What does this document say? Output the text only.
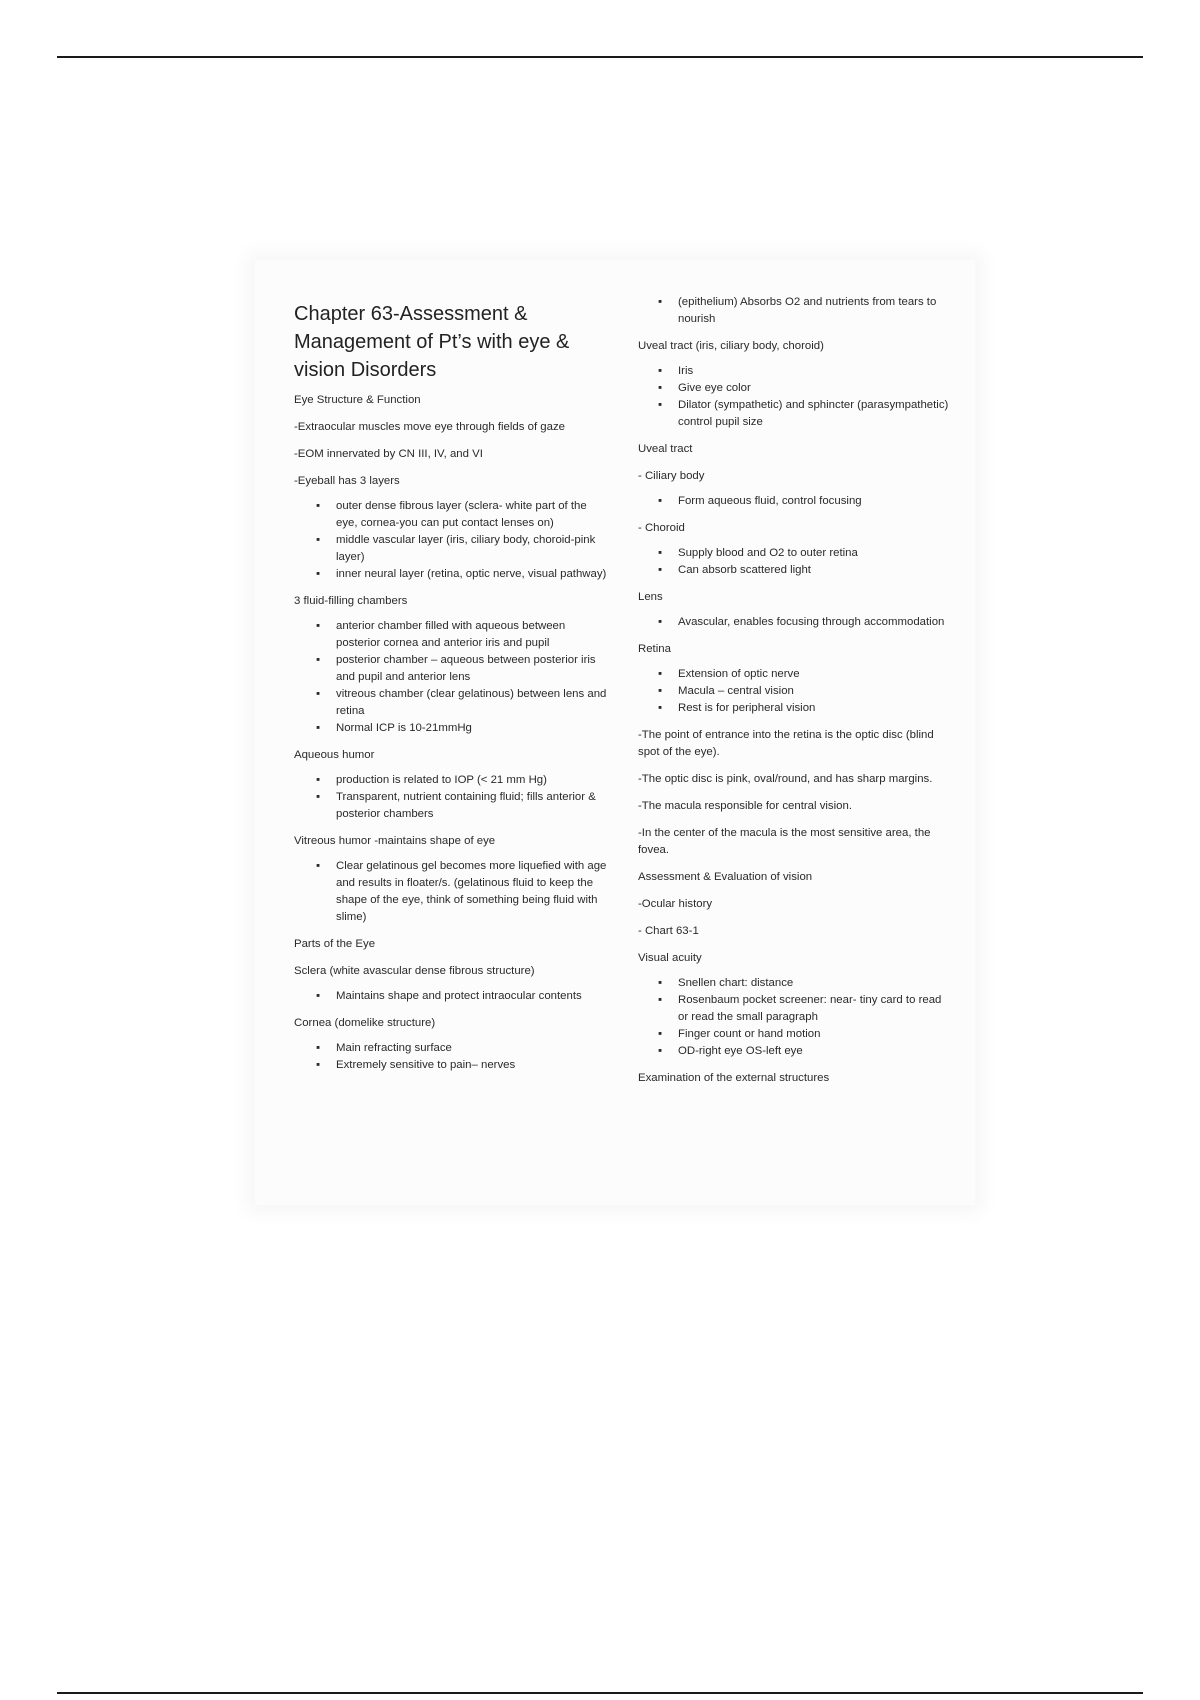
Chapter 63-Assessment & Management of Pt’s with eye & vision Disorders

Eye Structure & Function

-Extraocular muscles move eye through fields of gaze

-EOM innervated by CN III, IV, and VI

-Eyeball has 3 layers

▪	outer dense fibrous layer (sclera- white part of the eye, cornea-you can put contact lenses on)
▪	middle vascular layer (iris, ciliary body, choroid-pink layer)
▪	inner neural layer (retina, optic nerve, visual pathway)

3 fluid-filling chambers

▪	anterior chamber filled with aqueous between posterior cornea and anterior iris and pupil
▪	posterior chamber – aqueous between posterior iris and pupil and anterior lens
▪	vitreous chamber (clear gelatinous) between lens and retina
▪	Normal ICP is 10-21mmHg

Aqueous humor

▪	production is related to IOP (< 21 mm Hg)
▪	Transparent, nutrient containing fluid; fills anterior & posterior chambers

Vitreous humor -maintains shape of eye

▪	Clear gelatinous gel becomes more liquefied with age and results in floater/s. (gelatinous fluid to keep the shape of the eye, think of something being fluid with slime)

Parts of the Eye

Sclera (white avascular dense fibrous structure)

▪	Maintains shape and protect intraocular contents

Cornea (domelike structure)

▪	Main refracting surface
▪	Extremely sensitive to pain– nerves
▪	(epithelium) Absorbs O2 and nutrients from tears to nourish

Uveal tract (iris, ciliary body, choroid)

▪	Iris
▪	Give eye color
▪	Dilator (sympathetic) and sphincter (parasympathetic) control pupil size

Uveal tract

- Ciliary body

▪	Form aqueous fluid, control focusing

- Choroid

▪	Supply blood and O2 to outer retina
▪	Can absorb scattered light

Lens

▪	Avascular, enables focusing through accommodation

Retina

▪	Extension of optic nerve
▪	Macula – central vision
▪	Rest is for peripheral vision

-The point of entrance into the retina is the optic disc (blind spot of the eye).

-The optic disc is pink, oval/round, and has sharp margins.

-The macula responsible for central vision.

-In the center of the macula is the most sensitive area, the fovea.

Assessment & Evaluation of vision

-Ocular history

- Chart 63-1

Visual acuity

▪	Snellen chart: distance
▪	Rosenbaum pocket screener: near- tiny card to read or read the small paragraph
▪	Finger count or hand motion
▪	OD-right eye OS-left eye

Examination of the external structures
